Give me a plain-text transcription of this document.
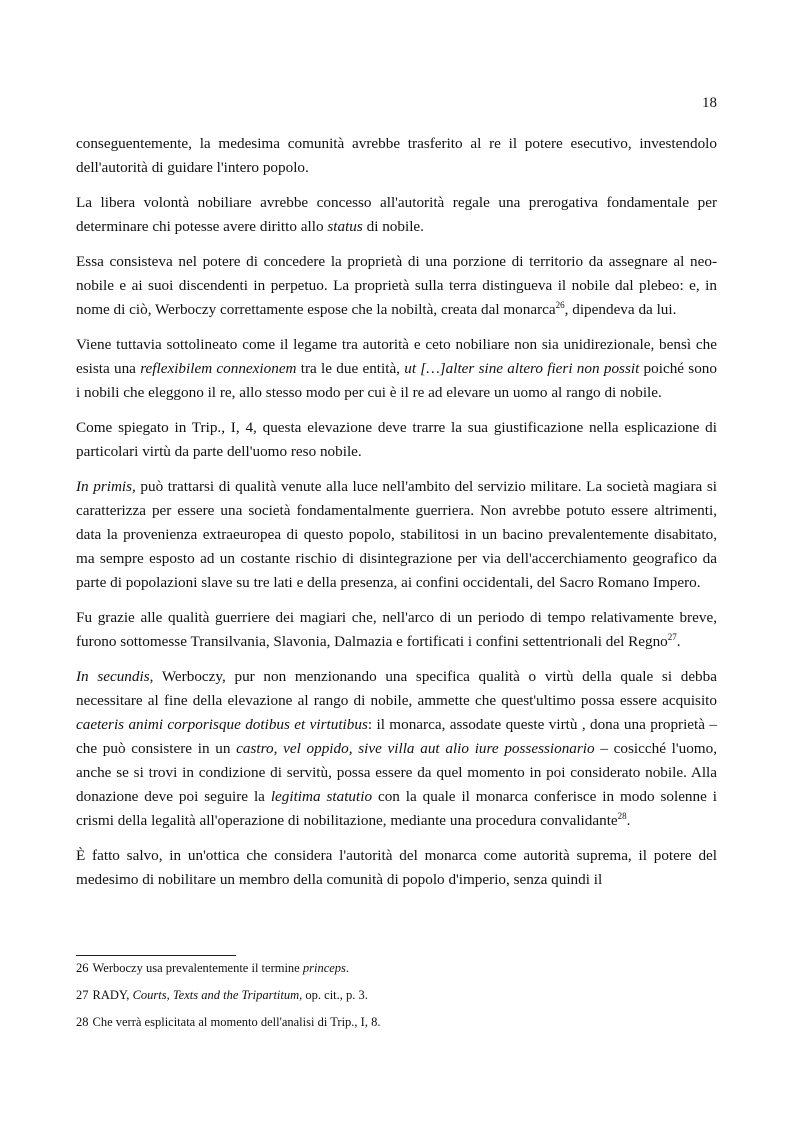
18

conseguentemente, la medesima comunità avrebbe trasferito al re il potere esecutivo, investendolo dell'autorità di guidare l'intero popolo.

La libera volontà nobiliare avrebbe concesso all'autorità regale una prerogativa fondamentale per determinare chi potesse avere diritto allo status di nobile.

Essa consisteva nel potere di concedere la proprietà di una porzione di territorio da assegnare al neo-nobile e ai suoi discendenti in perpetuo. La proprietà sulla terra distingueva il nobile dal plebeo: e, in nome di ciò, Werboczy correttamente espose che la nobiltà, creata dal monarca$^{26}$, dipendeva da lui.

Viene tuttavia sottolineato come il legame tra autorità e ceto nobiliare non sia unidirezionale, bensì che esista una reflexibilem connexionem tra le due entità, ut […]alter sine altero fieri non possit poiché sono i nobili che eleggono il re, allo stesso modo per cui è il re ad elevare un uomo al rango di nobile.

Come spiegato in Trip., I, 4, questa elevazione deve trarre la sua giustificazione nella esplicazione di particolari virtù da parte dell'uomo reso nobile.

In primis, può trattarsi di qualità venute alla luce nell'ambito del servizio militare. La società magiara si caratterizza per essere una società fondamentalmente guerriera. Non avrebbe potuto essere altrimenti, data la provenienza extraeuropea di questo popolo, stabilitosi in un bacino prevalentemente disabitato, ma sempre esposto ad un costante rischio di disintegrazione per via dell'accerchiamento geografico da parte di popolazioni slave su tre lati e della presenza, ai confini occidentali, del Sacro Romano Impero.

Fu grazie alle qualità guerriere dei magiari che, nell'arco di un periodo di tempo relativamente breve, furono sottomesse Transilvania, Slavonia, Dalmazia e fortificati i confini settentrionali del Regno$^{27}$.

In secundis, Werboczy, pur non menzionando una specifica qualità o virtù della quale si debba necessitare al fine della elevazione al rango di nobile, ammette che quest'ultimo possa essere acquisito caeteris animi corporisque dotibus et virtutibus: il monarca, assodate queste virtù , dona una proprietà – che può consistere in un castro, vel oppido, sive villa aut alio iure possessionario – cosicché l'uomo, anche se si trovi in condizione di servitù, possa essere da quel momento in poi considerato nobile. Alla donazione deve poi seguire la legitima statutio con la quale il monarca conferisce in modo solenne i crismi della legalità all'operazione di nobilitazione, mediante una procedura convalidante$^{28}$.

È fatto salvo, in un'ottica che considera l'autorità del monarca come autorità suprema, il potere del medesimo di nobilitare un membro della comunità di popolo d'imperio, senza quindi il

26 Werboczy usa prevalentemente il termine princeps.
27 RADY, Courts, Texts and the Tripartitum, op. cit., p. 3.
28 Che verrà esplicitata al momento dell'analisi di Trip., I, 8.
